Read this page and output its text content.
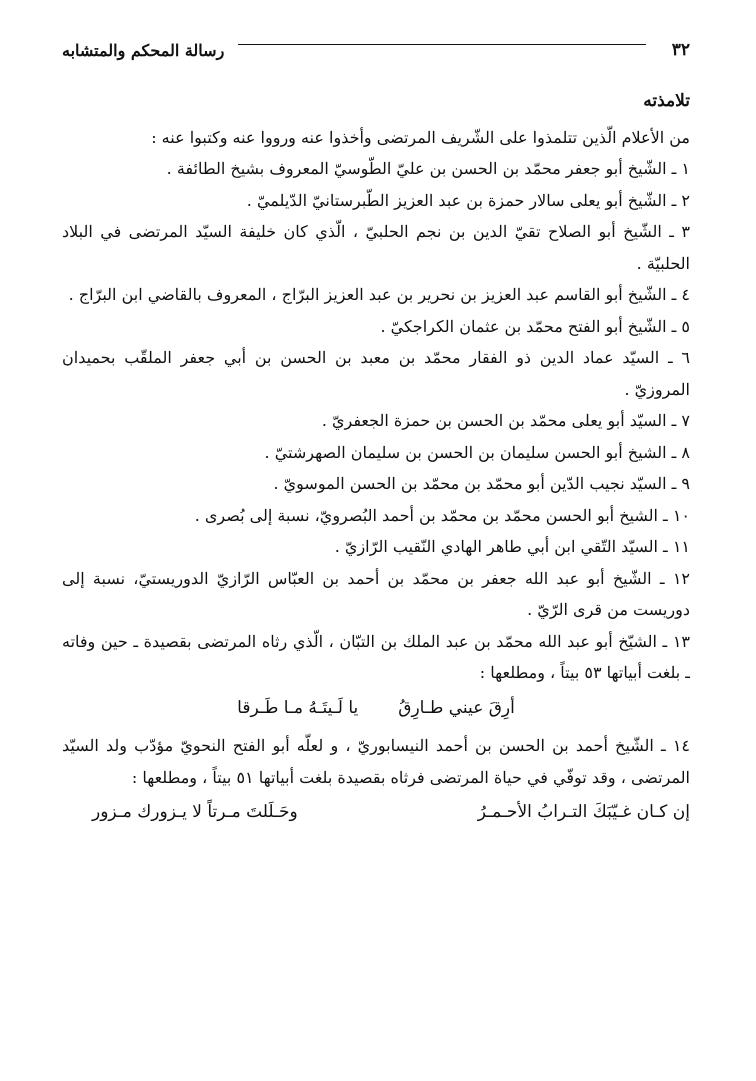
٣٢
رسالة المحكم والمتشابه
تلامذته
من الأعلام الّذين تتلمذوا على الشّريف المرتضى وأخذوا عنه ورووا عنه وكتبوا عنه :
١ ـ الشّيخ أبو جعفر محمّد بن الحسن بن عليّ الطّوسيّ المعروف بشيخ الطائفة .
٢ ـ الشّيخ أبو يعلى سالار حمزة بن عبد العزيز الطّبرستانيّ الدّيلميّ .
٣ ـ الشّيخ أبو الصلاح تقيّ الدين بن نجم الحلبيّ ، الّذي كان خليفة السيّد المرتضى في البلاد الحلبيّة .
٤ ـ الشّيخ أبو القاسم عبد العزيز بن نحرير بن عبد العزيز البرّاج ، المعروف بالقاضي ابن البرّاج .
٥ ـ الشّيخ أبو الفتح محمّد بن عثمان الكراجكيّ .
٦ ـ السيّد عماد الدين ذو الفقار محمّد بن معبد بن الحسن بن أبي جعفر الملقّب بحميدان المروزيّ .
٧ ـ السيّد أبو يعلى محمّد بن الحسن بن حمزة الجعفريّ .
٨ ـ الشيخ أبو الحسن سليمان بن الحسن بن سليمان الصهرشتيّ .
٩ ـ السيّد نجيب الدّين أبو محمّد بن محمّد بن الحسن الموسويّ .
١٠ ـ الشيخ أبو الحسن محمّد بن محمّد بن أحمد البُصرويّ، نسبة إلى بُصرى .
١١ ـ السيّد التّقي ابن أبي طاهر الهادي النّقيب الرّازيّ .
١٢ ـ الشّيخ أبو عبد الله جعفر بن محمّد بن أحمد بن العبّاس الرّازيّ الدوريستيّ، نسبة إلى دوريست من قرى الرّيّ .
١٣ ـ الشيّخ أبو عبد الله محمّد بن عبد الملك بن التبّان ، الّذي رثاه المرتضى بقصيدة ـ حين وفاته ـ بلغت أبياتها ٥٣ بيتاً ، ومطلعها :
أرِقَ عيني طـارِقُ
يا لَـيتَـهُ مـا طَـرقا
١٤ ـ الشّيخ أحمد بن الحسن بن أحمد النيسابوريّ ، و لعلّه أبو الفتح النحويّ مؤدّب ولد السيّد المرتضى ، وقد توفّي في حياة المرتضى فرثاه بقصيدة بلغت أبياتها ٥١ بيتاً ، ومطلعها :
إن كـان غـيّبَكَ التـرابُ الأحـمـرُ
وحَـلَلتَ مـرتاً لا يـزورك مـزور
